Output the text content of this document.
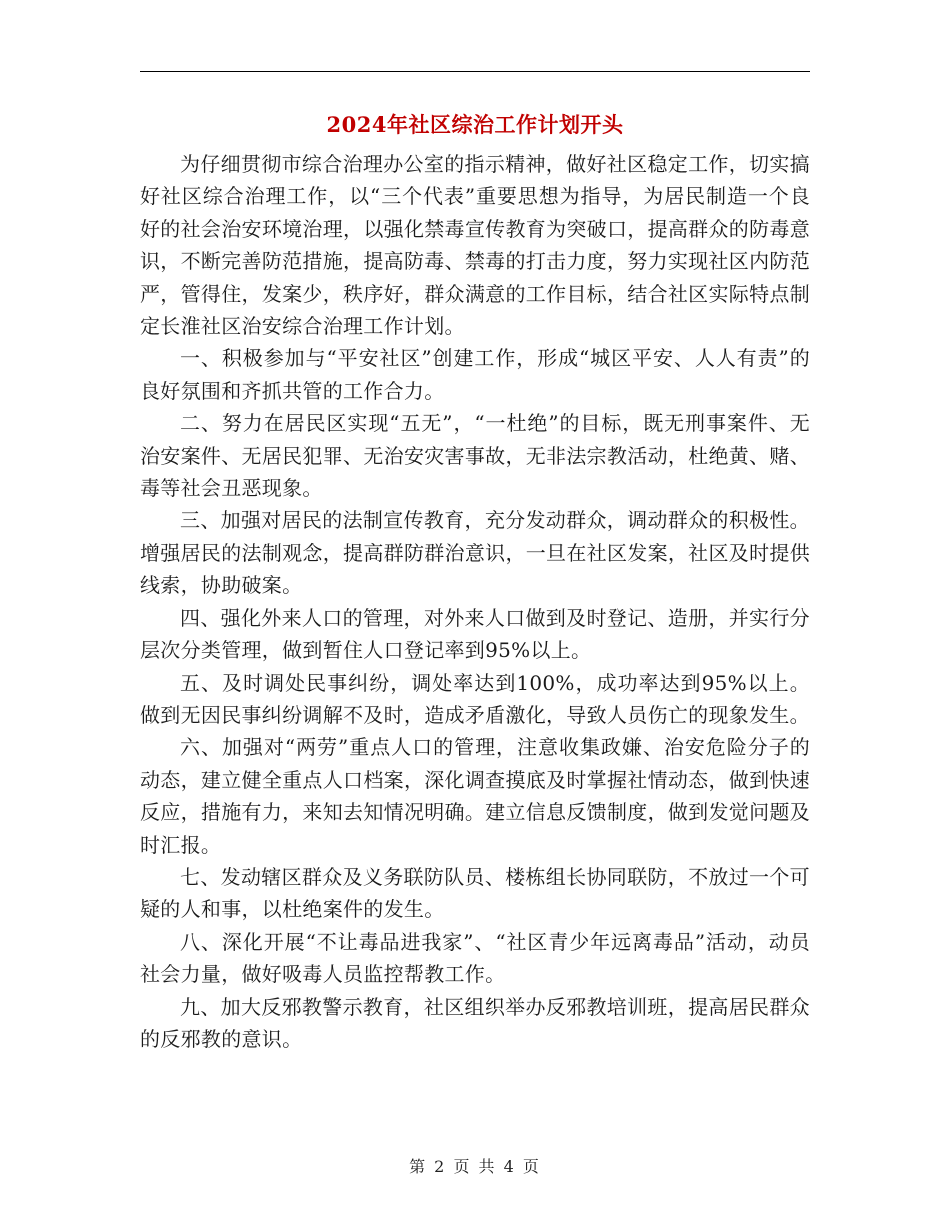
2024年社区综治工作计划开头

为仔细贯彻市综合治理办公室的指示精神，做好社区稳定工作，切实搞好社区综合治理工作，以“三个代表”重要思想为指导，为居民制造一个良好的社会治安环境治理，以强化禁毒宣传教育为突破口，提高群众的防毒意识，不断完善防范措施，提高防毒、禁毒的打击力度，努力实现社区内防范严，管得住，发案少，秩序好，群众满意的工作目标，结合社区实际特点制定长淮社区治安综合治理工作计划。

一、积极参加与“平安社区”创建工作，形成“城区平安、人人有责”的良好氛围和齐抓共管的工作合力。

二、努力在居民区实现“五无”，“一杜绝”的目标，既无刑事案件、无治安案件、无居民犯罪、无治安灾害事故，无非法宗教活动，杜绝黄、赌、毒等社会丑恶现象。

三、加强对居民的法制宣传教育，充分发动群众，调动群众的积极性。增强居民的法制观念，提高群防群治意识，一旦在社区发案，社区及时提供线索，协助破案。

四、强化外来人口的管理，对外来人口做到及时登记、造册，并实行分层次分类管理，做到暂住人口登记率到95%以上。

五、及时调处民事纠纷，调处率达到100%，成功率达到95%以上。做到无因民事纠纷调解不及时，造成矛盾激化，导致人员伤亡的现象发生。

六、加强对“两劳”重点人口的管理，注意收集政嫌、治安危险分子的动态，建立健全重点人口档案，深化调查摸底及时掌握社情动态，做到快速反应，措施有力，来知去知情况明确。建立信息反馈制度，做到发觉问题及时汇报。

七、发动辖区群众及义务联防队员、楼栋组长协同联防，不放过一个可疑的人和事，以杜绝案件的发生。

八、深化开展“不让毒品进我家”、“社区青少年远离毒品”活动，动员社会力量，做好吸毒人员监控帮教工作。

九、加大反邪教警示教育，社区组织举办反邪教培训班，提高居民群众的反邪教的意识。

第 2 页 共 4 页
